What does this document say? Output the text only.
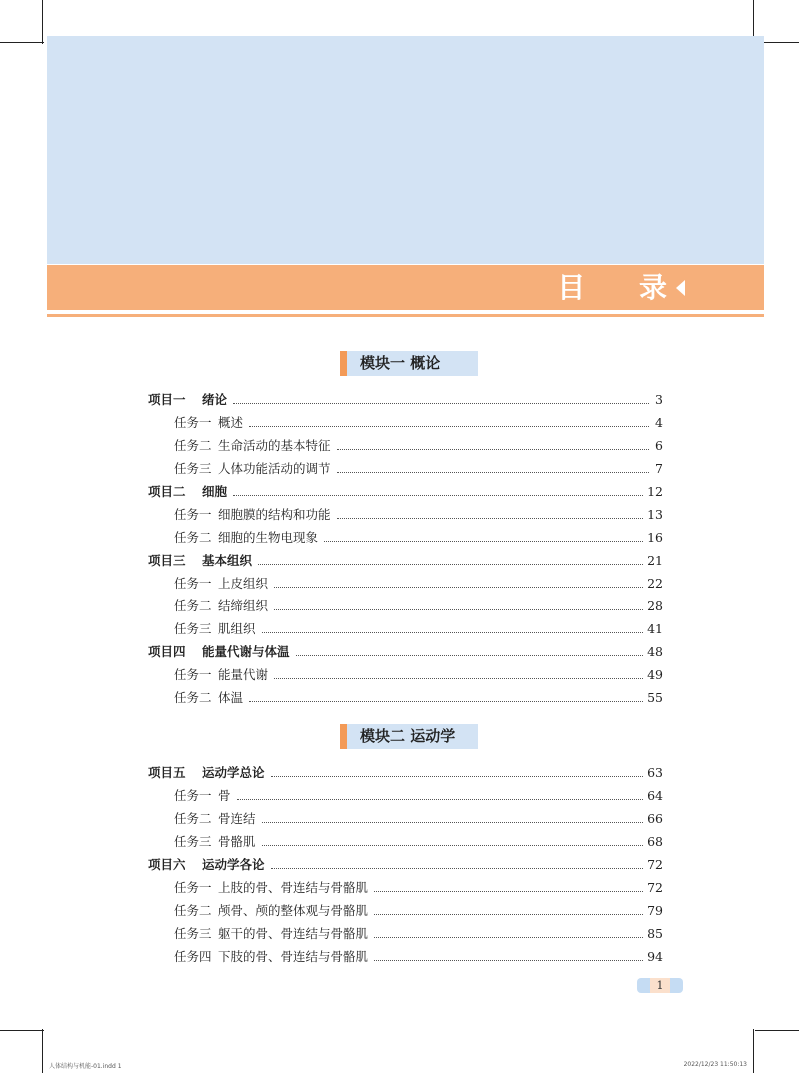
目 录
模块一 概论
模块二 运动学
项目一	绪论	3
任务一 概述	4
任务二 生命活动的基本特征	6
任务三 人体功能活动的调节	7
项目二	细胞	12
任务一 细胞膜的结构和功能	13
任务二 细胞的生物电现象	16
项目三	基本组织	21
任务一 上皮组织	22
任务二 结缔组织	28
任务三 肌组织	41
项目四	能量代谢与体温	48
任务一 能量代谢	49
任务二 体温	55
项目五	运动学总论	63
任务一 骨	64
任务二 骨连结	66
任务三 骨骼肌	68
项目六	运动学各论	72
任务一 上肢的骨、骨连结与骨骼肌	72
任务二 颅骨、颅的整体观与骨骼肌	79
任务三 躯干的骨、骨连结与骨骼肌	85
任务四 下肢的骨、骨连结与骨骼肌	94
1
人体结构与机能-01.indd 1	2022/12/23 11:50:13
